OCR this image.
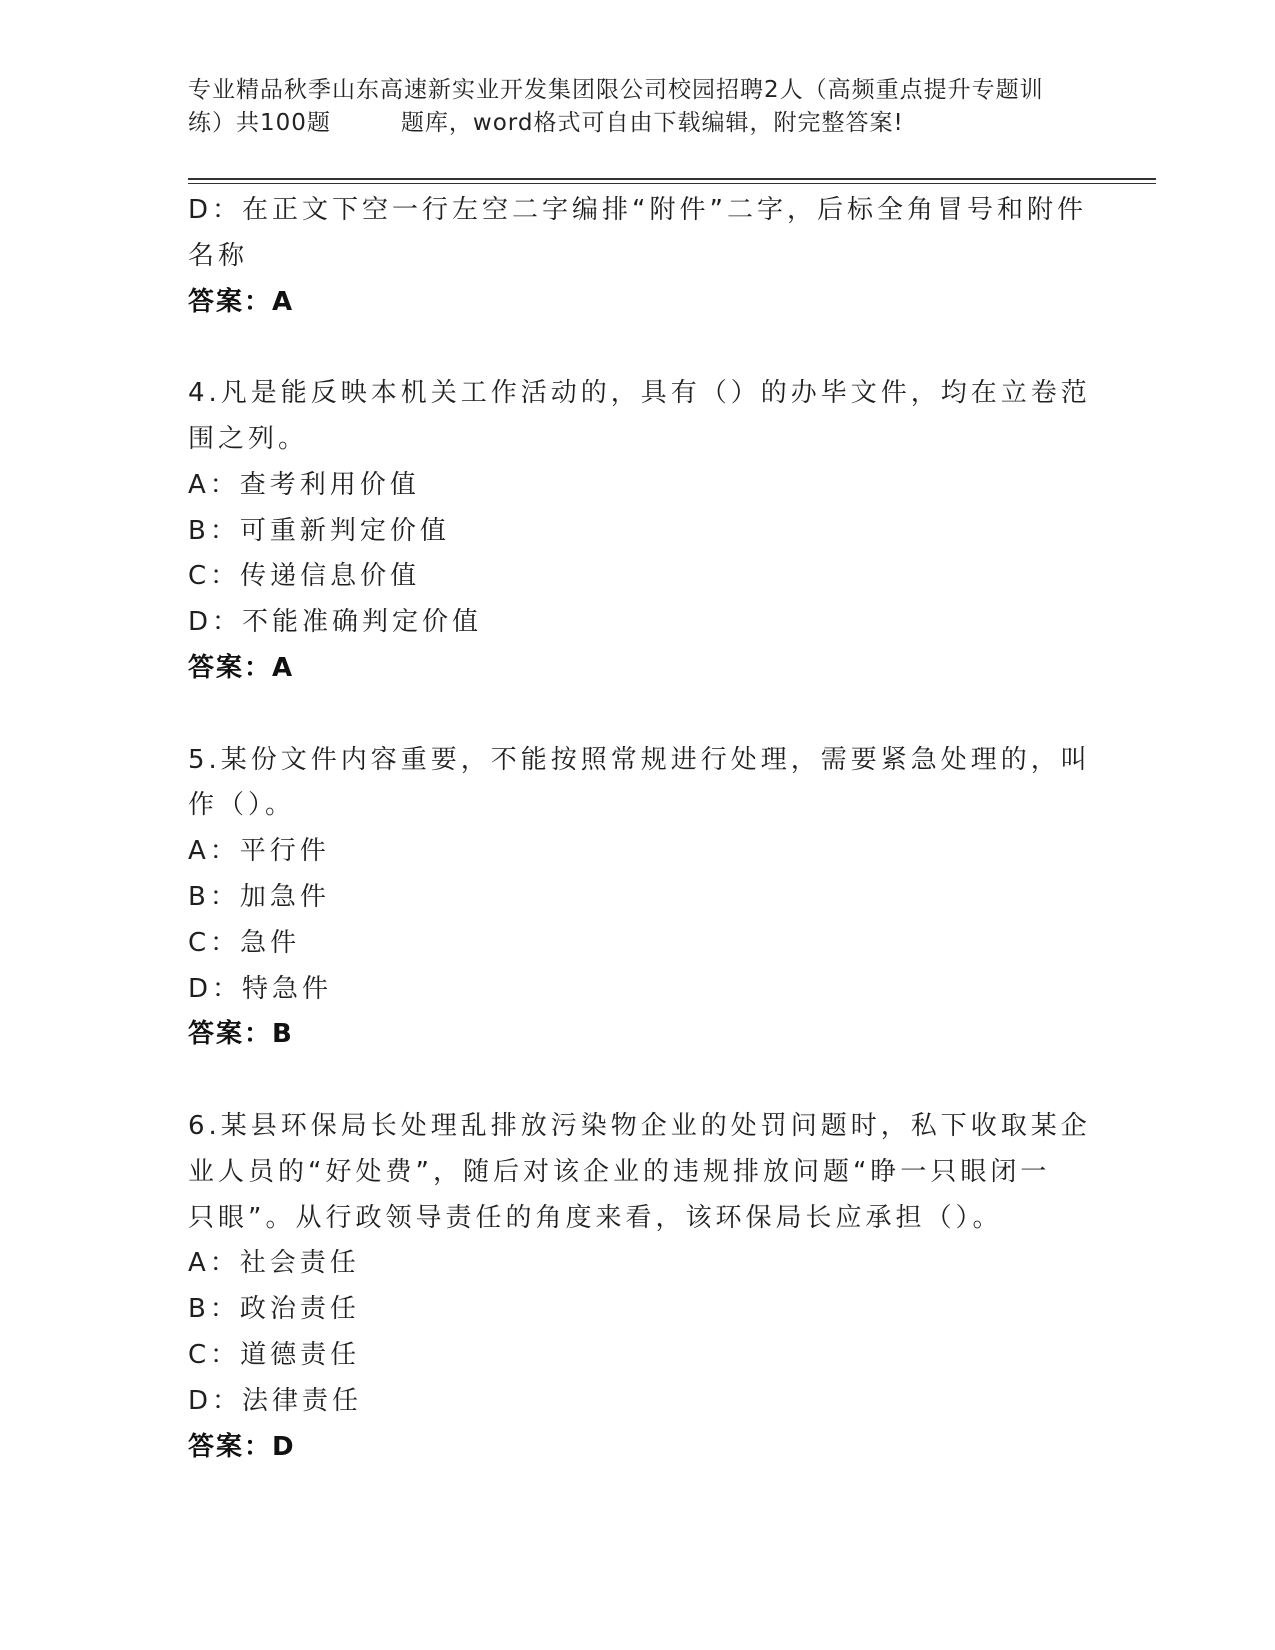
专业精品秋季山东高速新实业开发集团限公司校园招聘2人（高频重点提升专题训
练）共100题	题库，word格式可自由下载编辑，附完整答案!
D：在正文下空一行左空二字编排“附件”二字，后标全角冒号和附件
名称
答案：A
4.凡是能反映本机关工作活动的，具有（）的办毕文件，均在立卷范
围之列。
A：查考利用价值
B：可重新判定价值
C：传递信息价值
D：不能准确判定价值
答案：A
5.某份文件内容重要，不能按照常规进行处理，需要紧急处理的，叫
作（）。
A：平行件
B：加急件
C：急件
D：特急件
答案：B
6.某县环保局长处理乱排放污染物企业的处罚问题时，私下收取某企
业人员的“好处费”，随后对该企业的违规排放问题“睁一只眼闭一
只眼”。从行政领导责任的角度来看，该环保局长应承担（）。
A：社会责任
B：政治责任
C：道德责任
D：法律责任
答案：D
